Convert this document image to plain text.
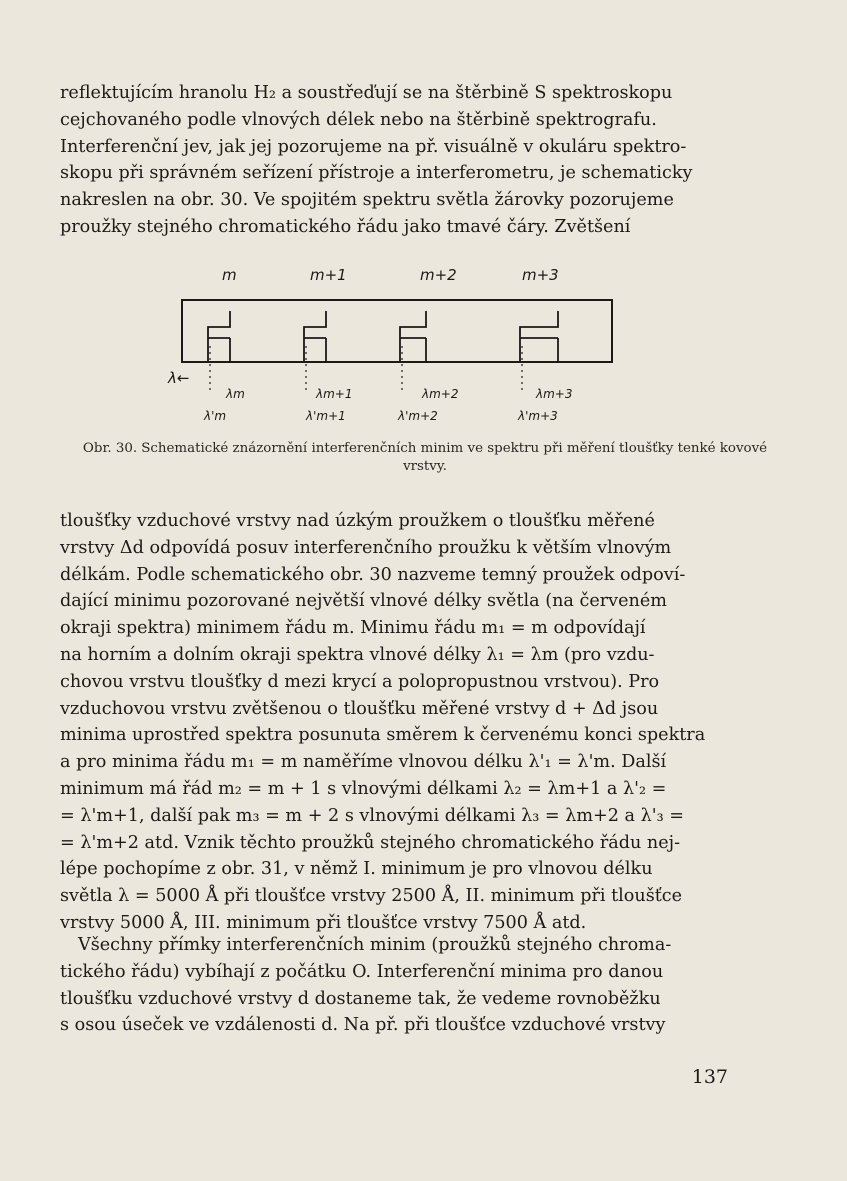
reflektujícím hranolu H₂ a soustřeďují se na štěrbině S spektroskopu
cejchovaného podle vlnových délek nebo na štěrbině spektrografu.
Interferenční jev, jak jej pozorujeme na př. visuálně v okuláru spektro-
skopu při správném seřízení přístroje a interferometru, je schematicky
nakreslen na obr. 30. Ve spojitém spektru světla žárovky pozorujeme
proužky stejného chromatického řádu jako tmavé čáry. Zvětšení

m	m+1	m+2	m+3
λ←
λm	λm+1	λm+2	λm+3
λ'm	λ'm+1	λ'm+2	λ'm+3
Obr. 30. Schematické znázornění interferenčních minim ve spektru při měření tloušťky tenké kovové vrstvy.

tloušťky vzduchové vrstvy nad úzkým proužkem o tloušťku měřené
vrstvy Δd odpovídá posuv interferenčního proužku k větším vlnovým
délkám. Podle schematického obr. 30 nazveme temný proužek odpoví-
dající minimu pozorované největší vlnové délky světla (na červeném
okraji spektra) minimem řádu m. Minimu řádu m₁ = m odpovídají
na horním a dolním okraji spektra vlnové délky λ₁ = λm (pro vzdu-
chovou vrstvu tloušťky d mezi krycí a polopropustnou vrstvou). Pro
vzduchovou vrstvu zvětšenou o tloušťku měřené vrstvy d + Δd jsou
minima uprostřed spektra posunuta směrem k červenému konci spektra
a pro minima řádu m₁ = m naměříme vlnovou délku λ'₁ = λ'm. Další
minimum má řád m₂ = m + 1 s vlnovými délkami λ₂ = λm+1 a λ'₂ =
= λ'm+1, další pak m₃ = m + 2 s vlnovými délkami λ₃ = λm+2 a λ'₃ =
= λ'm+2 atd. Vznik těchto proužků stejného chromatického řádu nej-
lépe pochopíme z obr. 31, v němž I. minimum je pro vlnovou délku
světla λ = 5000 Å při tloušťce vrstvy 2500 Å, II. minimum při tloušťce
vrstvy 5000 Å, III. minimum při tloušťce vrstvy 7500 Å atd.

Všechny přímky interferenčních minim (proužků stejného chroma-
tického řádu) vybíhají z počátku O. Interferenční minima pro danou
tloušťku vzduchové vrstvy d dostaneme tak, že vedeme rovnoběžku
s osou úseček ve vzdálenosti d. Na př. při tloušťce vzduchové vrstvy

137
